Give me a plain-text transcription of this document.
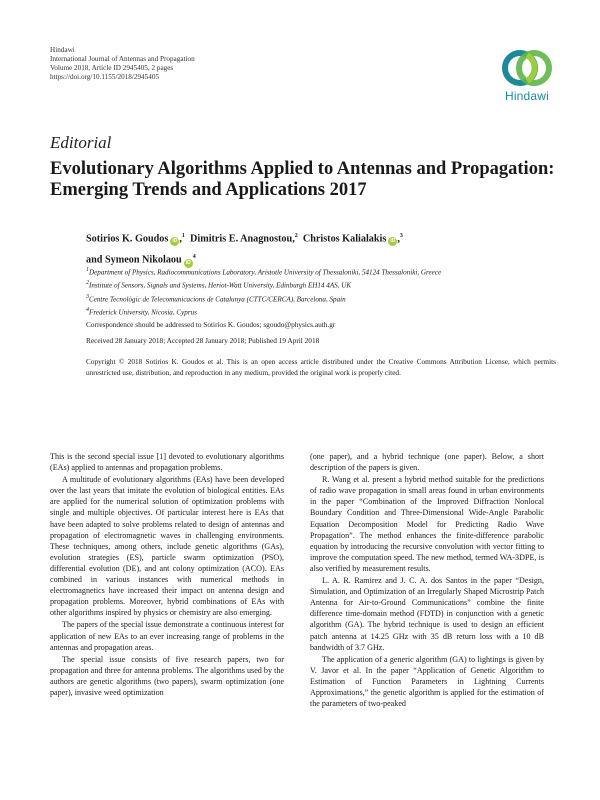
Hindawi
International Journal of Antennas and Propagation
Volume 2018, Article ID 2945405, 2 pages
https://doi.org/10.1155/2018/2945405
Hindawi
Editorial
Evolutionary Algorithms Applied to Antennas and Propagation:
Emerging Trends and Applications 2017
Sotirios K. Goudos iD ,$^1$ Dimitris E. Anagnostou,$^2$ Christos Kalialakis iD ,$^3$
and Symeon Nikolaou $iD^4$
$^1$Department of Physics, Radiocommunications Laboratory, Aristotle University of Thessaloniki, 54124 Thessaloniki, Greece
$^2$Institute of Sensors, Signals and Systems, Heriot-Watt University, Edinburgh EH14 4AS, UK
$^3$Centre Tecnològic de Telecomunicacions de Catalunya (CTTC/CERCA), Barcelona, Spain
$^4$Frederick University, Nicosia, Cyprus
Correspondence should be addressed to Sotirios K. Goudos; sgoudo@physics.auth.gr
Received 28 January 2018; Accepted 28 January 2018; Published 19 April 2018
Copyright © 2018 Sotirios K. Goudos et al. This is an open access article distributed under the Creative Commons Attribution License, which permits unrestricted use, distribution, and reproduction in any medium, provided the original work is properly cited.

This is the second special issue [1] devoted to evolutionary algorithms (EAs) applied to antennas and propagation problems.

A multitude of evolutionary algorithms (EAs) have been developed over the last years that imitate the evolution of biological entities. EAs are applied for the numerical solution of optimization problems with single and multiple objectives. Of particular interest here is EAs that have been adapted to solve problems related to design of antennas and propagation of electromagnetic waves in challenging environments. These techniques, among others, include genetic algorithms (GAs), evolution strategies (ES), particle swarm optimization (PSO), differential evolution (DE), and ant colony optimization (ACO). EAs combined in various instances with numerical methods in electromagnetics have increased their impact on antenna design and propagation problems. Moreover, hybrid combinations of EAs with other algorithms inspired by physics or chemistry are also emerging.

The papers of the special issue demonstrate a continuous interest for application of new EAs to an ever increasing range of problems in the antennas and propagation areas.

The special issue consists of five research papers, two for propagation and three for antenna problems. The algorithms used by the authors are genetic algorithms (two papers), swarm optimization (one paper), invasive weed optimization

(one paper), and a hybrid technique (one paper). Below, a short description of the papers is given.

R. Wang et al. present a hybrid method suitable for the predictions of radio wave propagation in small areas found in urban environments in the paper “Combination of the Improved Diffraction Nonlocal Boundary Condition and Three-Dimensional Wide-Angle Parabolic Equation Decomposition Model for Predicting Radio Wave Propagation”. The method enhances the finite-difference parabolic equation by introducing the recursive convolution with vector fitting to improve the computation speed. The new method, termed WA-3DPE, is also verified by measurement results.

L. A. R. Ramirez and J. C. A. dos Santos in the paper “Design, Simulation, and Optimization of an Irregularly Shaped Microstrip Patch Antenna for Air-to-Ground Communications” combine the finite difference time-domain method (FDTD) in conjunction with a genetic algorithm (GA). The hybrid technique is used to design an efficient patch antenna at 14.25 GHz with 35 dB return loss with a 10 dB bandwidth of 3.7 GHz.

The application of a generic algorithm (GA) to lightings is given by V. Javor et al. In the paper “Application of Genetic Algorithm to Estimation of Function Parameters in Lightning Currents Approximations,” the genetic algorithm is applied for the estimation of the parameters of two-peaked
